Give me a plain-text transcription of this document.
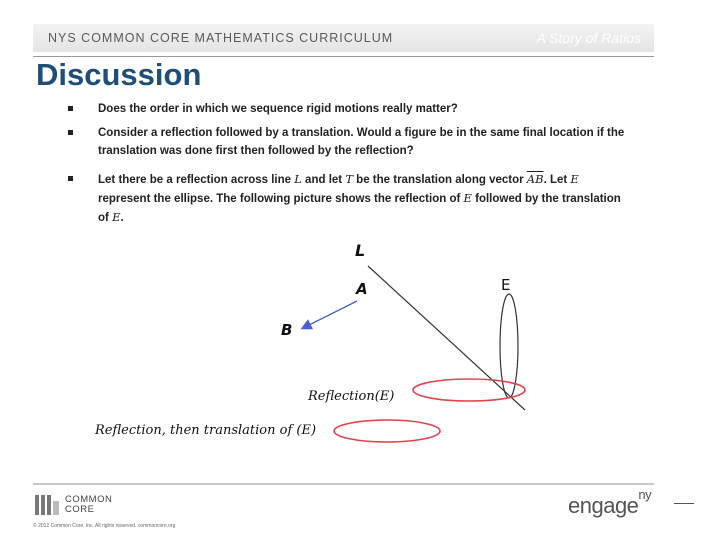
NYS COMMON CORE MATHEMATICS CURRICULUM	A Story of Ratios
Discussion
Does the order in which we sequence rigid motions really matter?
Consider a reflection followed by a translation. Would a figure be in the same final location if the translation was done first then followed by the reflection?
Let there be a reflection across line L and let T be the translation along vector $\overline{AB}$. Let E represent the ellipse. The following picture shows the reflection of E followed by the translation of E.
L
A
B
E
Reflection(E)
Reflection, then translation of (E)
COMMON
CORE
© 2012 Common Core, Inc. All rights reserved. commoncore.org
engage$^{ny}$
